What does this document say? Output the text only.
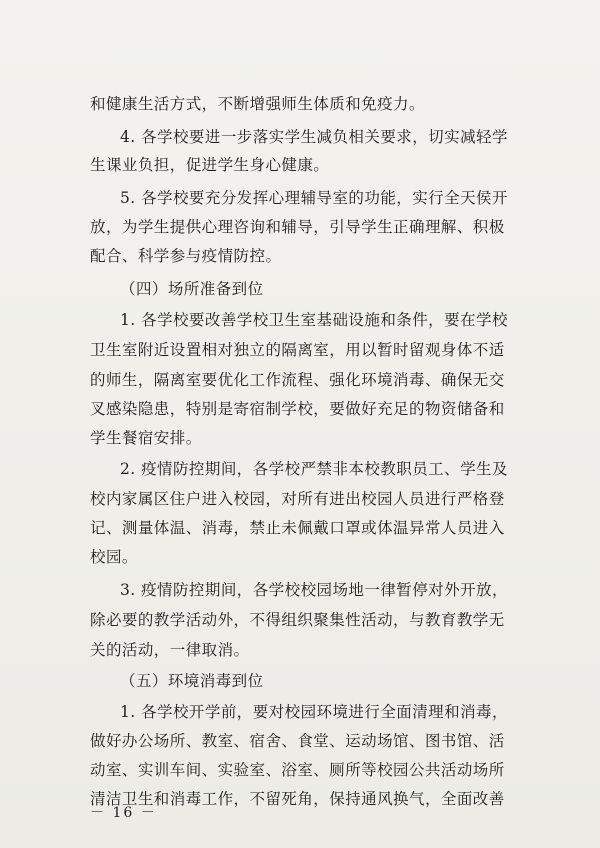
和健康生活方式，不断增强师生体质和免疫力。
4. 各学校要进一步落实学生减负相关要求，切实减轻学
生课业负担，促进学生身心健康。
5. 各学校要充分发挥心理辅导室的功能，实行全天侯开
放，为学生提供心理咨询和辅导，引导学生正确理解、积极
配合、科学参与疫情防控。
（四）场所准备到位
1. 各学校要改善学校卫生室基础设施和条件，要在学校
卫生室附近设置相对独立的隔离室，用以暂时留观身体不适
的师生，隔离室要优化工作流程、强化环境消毒、确保无交
叉感染隐患，特别是寄宿制学校，要做好充足的物资储备和
学生餐宿安排。
2. 疫情防控期间，各学校严禁非本校教职员工、学生及
校内家属区住户进入校园，对所有进出校园人员进行严格登
记、测量体温、消毒，禁止未佩戴口罩或体温异常人员进入
校园。
3. 疫情防控期间，各学校校园场地一律暂停对外开放，
除必要的教学活动外，不得组织聚集性活动，与教育教学无
关的活动，一律取消。
（五）环境消毒到位
1. 各学校开学前，要对校园环境进行全面清理和消毒，
做好办公场所、教室、宿舍、食堂、运动场馆、图书馆、活
动室、实训车间、实验室、浴室、厕所等校园公共活动场所
清洁卫生和消毒工作，不留死角，保持通风换气，全面改善
－ 16 －
